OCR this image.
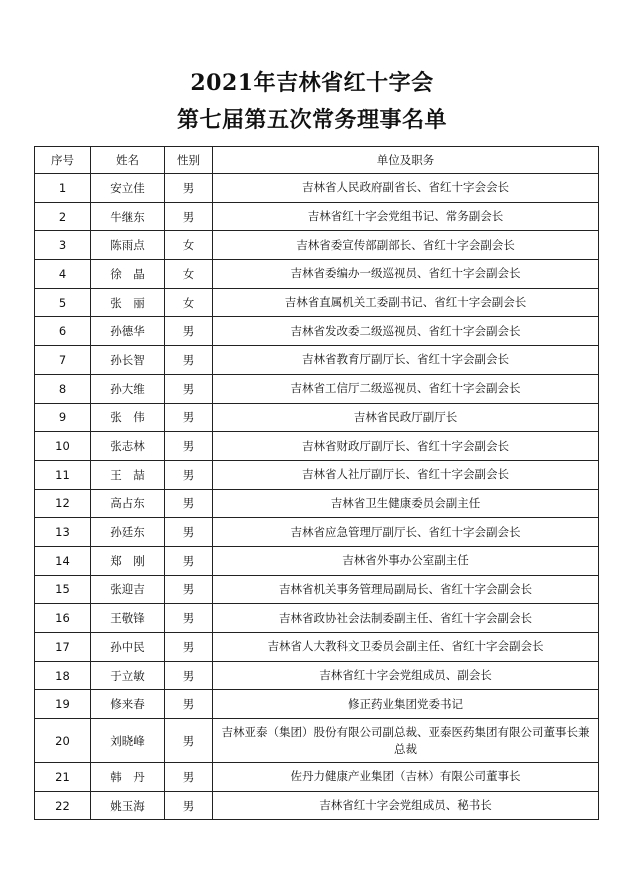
2021年吉林省红十字会
第七届第五次常务理事名单
序号	姓名	性别	单位及职务
1	安立佳	男	吉林省人民政府副省长、省红十字会会长
2	牛继东	男	吉林省红十字会党组书记、常务副会长
3	陈雨点	女	吉林省委宣传部副部长、省红十字会副会长
4	徐　晶	女	吉林省委编办一级巡视员、省红十字会副会长
5	张　丽	女	吉林省直属机关工委副书记、省红十字会副会长
6	孙德华	男	吉林省发改委二级巡视员、省红十字会副会长
7	孙长智	男	吉林省教育厅副厅长、省红十字会副会长
8	孙大维	男	吉林省工信厅二级巡视员、省红十字会副会长
9	张　伟	男	吉林省民政厅副厅长
10	张志林	男	吉林省财政厅副厅长、省红十字会副会长
11	王　喆	男	吉林省人社厅副厅长、省红十字会副会长
12	高占东	男	吉林省卫生健康委员会副主任
13	孙廷东	男	吉林省应急管理厅副厅长、省红十字会副会长
14	郑　刚	男	吉林省外事办公室副主任
15	张迎吉	男	吉林省机关事务管理局副局长、省红十字会副会长
16	王敬锋	男	吉林省政协社会法制委副主任、省红十字会副会长
17	孙中民	男	吉林省人大教科文卫委员会副主任、省红十字会副会长
18	于立敏	男	吉林省红十字会党组成员、副会长
19	修来春	男	修正药业集团党委书记
20	刘晓峰	男	吉林亚泰（集团）股份有限公司副总裁、亚泰医药集团有限公司董事长兼总裁
21	韩　丹	男	佐丹力健康产业集团（吉林）有限公司董事长
22	姚玉海	男	吉林省红十字会党组成员、秘书长
